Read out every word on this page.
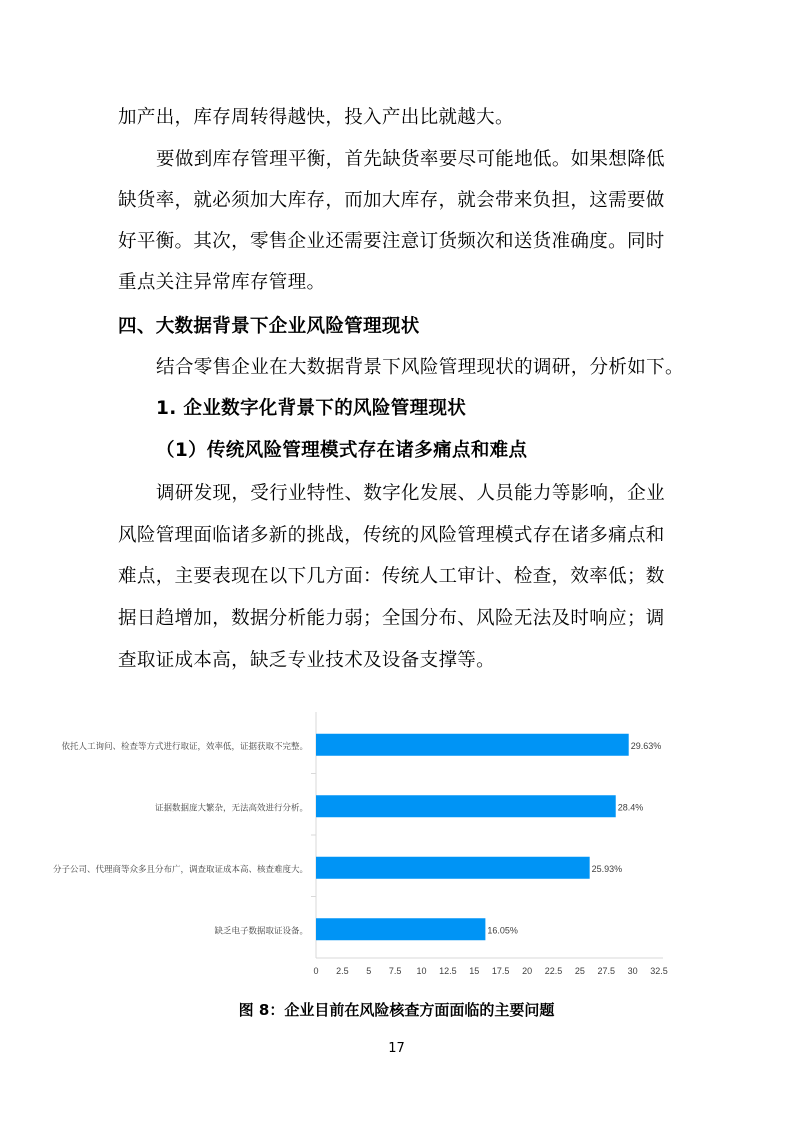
加产出，库存周转得越快，投入产出比就越大。
要做到库存管理平衡，首先缺货率要尽可能地低。如果想降低
缺货率，就必须加大库存，而加大库存，就会带来负担，这需要做
好平衡。其次，零售企业还需要注意订货频次和送货准确度。同时
重点关注异常库存管理。
四、大数据背景下企业风险管理现状
结合零售企业在大数据背景下风险管理现状的调研，分析如下。
1. 企业数字化背景下的风险管理现状
（1）传统风险管理模式存在诸多痛点和难点
调研发现，受行业特性、数字化发展、人员能力等影响，企业
风险管理面临诸多新的挑战，传统的风险管理模式存在诸多痛点和
难点，主要表现在以下几方面：传统人工审计、检查，效率低；数
据日趋增加，数据分析能力弱；全国分布、风险无法及时响应；调
查取证成本高，缺乏专业技术及设备支撑等。
29.63%
依托人工询问、检查等方式进行取证，效率低，证据获取不完整。
28.4%
证据数据庞大繁杂，无法高效进行分析。
25.93%
分子公司、代理商等众多且分布广，调查取证成本高、核查难度大。
16.05%
缺乏电子数据取证设备。
0 2.5 5 7.5 10 12.5 15 17.5 20 22.5 25 27.5 30 32.5
图 8：企业目前在风险核查方面面临的主要问题
17
